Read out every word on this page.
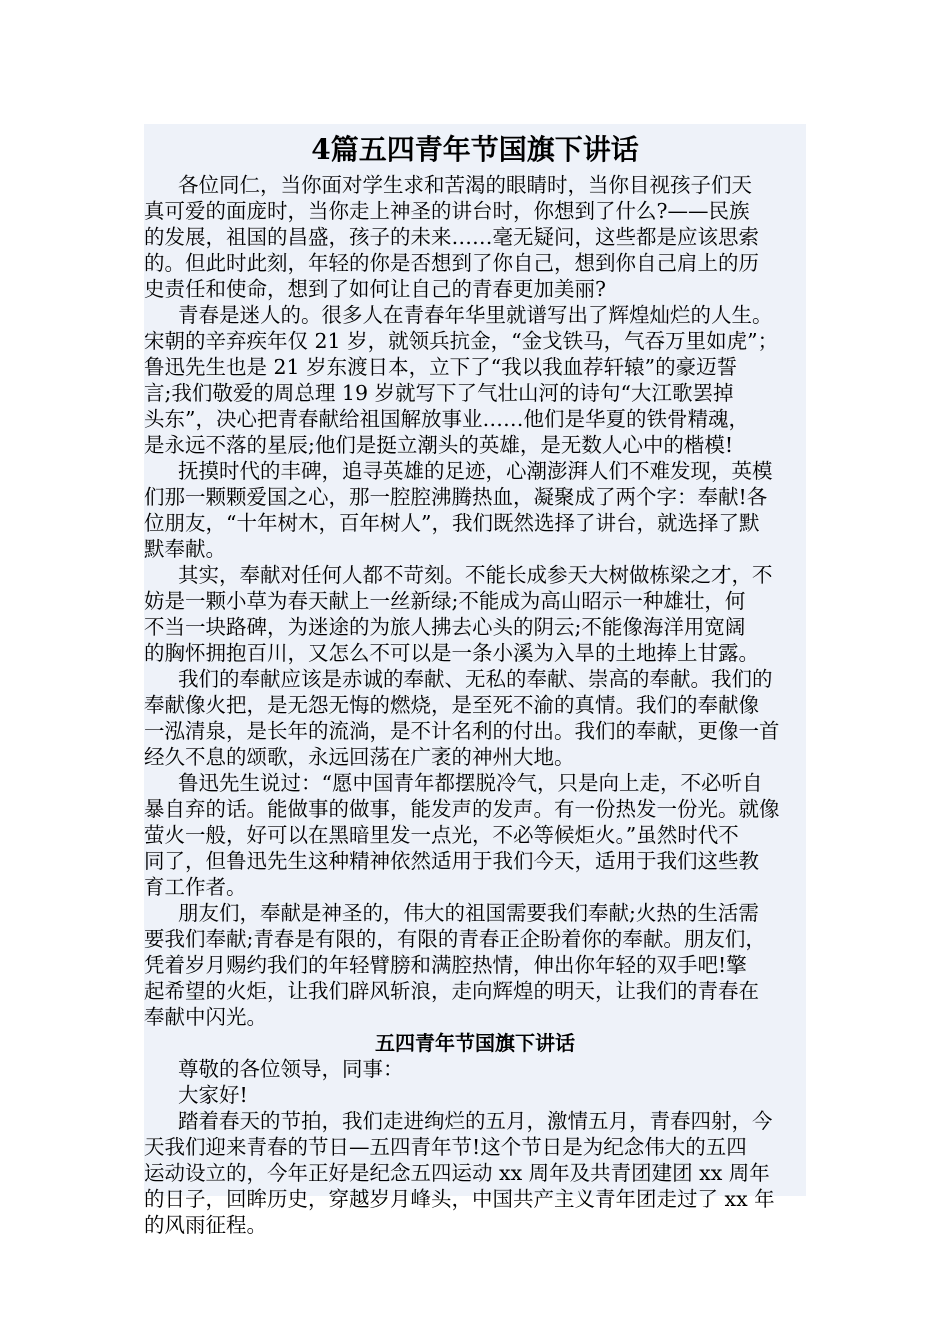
4篇五四青年节国旗下讲话
各位同仁，当你面对学生求和苦渴的眼睛时，当你目视孩子们天
真可爱的面庞时，当你走上神圣的讲台时，你想到了什么?——民族
的发展，祖国的昌盛，孩子的未来……毫无疑问，这些都是应该思索
的。但此时此刻，年轻的你是否想到了你自己，想到你自己肩上的历
史责任和使命，想到了如何让自己的青春更加美丽?
青春是迷人的。很多人在青春年华里就谱写出了辉煌灿烂的人生。
宋朝的辛弃疾年仅 21 岁，就领兵抗金，“金戈铁马，气吞万里如虎”；
鲁迅先生也是 21 岁东渡日本，立下了“我以我血荐轩辕”的豪迈誓
言;我们敬爱的周总理 19 岁就写下了气壮山河的诗句“大江歌罢掉
头东”，决心把青春献给祖国解放事业……他们是华夏的铁骨精魂，
是永远不落的星辰;他们是挺立潮头的英雄，是无数人心中的楷模!
抚摸时代的丰碑，追寻英雄的足迹，心潮澎湃人们不难发现，英模
们那一颗颗爱国之心，那一腔腔沸腾热血，凝聚成了两个字：奉献!各
位朋友，“十年树木，百年树人”，我们既然选择了讲台，就选择了默
默奉献。
其实，奉献对任何人都不苛刻。不能长成参天大树做栋梁之才，不
妨是一颗小草为春天献上一丝新绿;不能成为高山昭示一种雄壮，何
不当一块路碑，为迷途的为旅人拂去心头的阴云;不能像海洋用宽阔
的胸怀拥抱百川，又怎么不可以是一条小溪为入旱的土地捧上甘露。
我们的奉献应该是赤诚的奉献、无私的奉献、崇高的奉献。我们的
奉献像火把，是无怨无悔的燃烧，是至死不渝的真情。我们的奉献像
一泓清泉，是长年的流淌，是不计名利的付出。我们的奉献，更像一首
经久不息的颂歌，永远回荡在广袤的神州大地。
鲁迅先生说过：“愿中国青年都摆脱冷气，只是向上走，不必听自
暴自弃的话。能做事的做事，能发声的发声。有一份热发一份光。就像
萤火一般，好可以在黑暗里发一点光，不必等候炬火。”虽然时代不
同了，但鲁迅先生这种精神依然适用于我们今天，适用于我们这些教
育工作者。
朋友们，奉献是神圣的，伟大的祖国需要我们奉献;火热的生活需
要我们奉献;青春是有限的，有限的青春正企盼着你的奉献。朋友们，
凭着岁月赐约我们的年轻臂膀和满腔热情，伸出你年轻的双手吧!擎
起希望的火炬，让我们辟风斩浪，走向辉煌的明天，让我们的青春在
奉献中闪光。
五四青年节国旗下讲话
尊敬的各位领导，同事：
大家好!
踏着春天的节拍，我们走进绚烂的五月，激情五月，青春四射，今
天我们迎来青春的节日—五四青年节!这个节日是为纪念伟大的五四
运动设立的，今年正好是纪念五四运动 xx 周年及共青团建团 xx 周年
的日子，回眸历史，穿越岁月峰头，中国共产主义青年团走过了 xx 年
的风雨征程。
